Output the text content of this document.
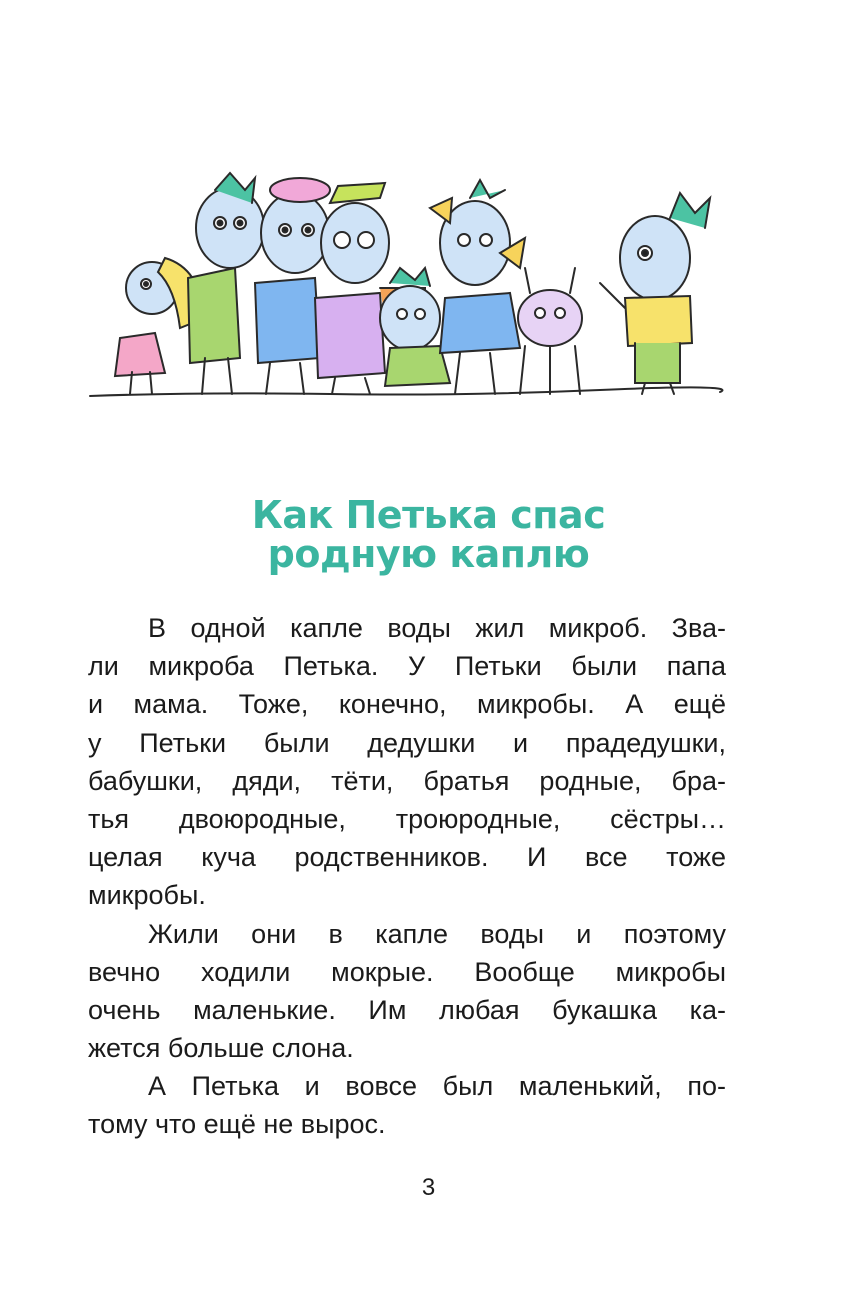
Как Петька спас
родную каплю
В одной капле воды жил микроб. Зва-
ли микроба Петька. У Петьки были папа
и мама. Тоже, конечно, микробы. А ещё
у Петьки были дедушки и прадедушки,
бабушки, дяди, тёти, братья родные, бра-
тья двоюродные, троюродные, сёстры…
целая куча родственников. И все тоже
микробы.
Жили они в капле воды и поэтому
вечно ходили мокрые. Вообще микробы
очень маленькие. Им любая букашка ка-
жется больше слона.
А Петька и вовсе был маленький, по-
тому что ещё не вырос.

3
